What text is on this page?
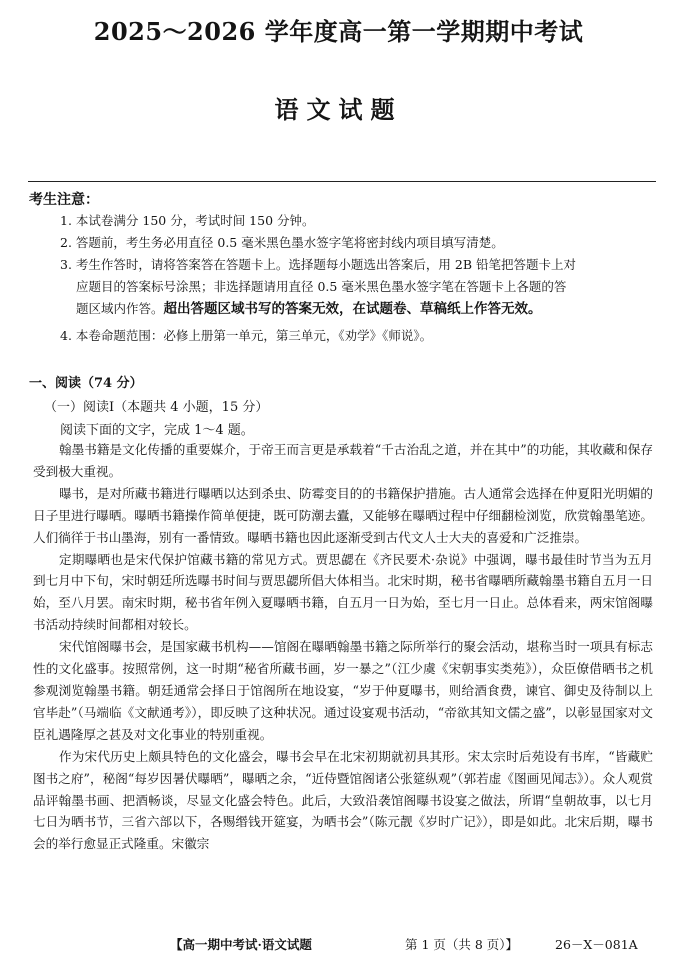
2025～2026 学年度高一第一学期期中考试
语文试题
考生注意：
1. 本试卷满分 150 分，考试时间 150 分钟。
2. 答题前，考生务必用直径 0.5 毫米黑色墨水签字笔将密封线内项目填写清楚。
3. 考生作答时，请将答案答在答题卡上。选择题每小题选出答案后，用 2B 铅笔把答题卡上对
应题目的答案标号涂黑；非选择题请用直径 0.5 毫米黑色墨水签字笔在答题卡上各题的答
题区域内作答。超出答题区域书写的答案无效，在试题卷、草稿纸上作答无效。
4. 本卷命题范围：必修上册第一单元，第三单元，《劝学》《师说》。
一、阅读（74 分）
（一）阅读Ⅰ（本题共 4 小题，15 分）
阅读下面的文字，完成 1～4 题。

翰墨书籍是文化传播的重要媒介，于帝王而言更是承载着“千古治乱之道，并在其中”的功能，其收藏和保存受到极大重视。

曝书，是对所藏书籍进行曝晒以达到杀虫、防霉变目的的书籍保护措施。古人通常会选择在仲夏阳光明媚的日子里进行曝晒。曝晒书籍操作简单便捷，既可防潮去蠹，又能够在曝晒过程中仔细翻检浏览，欣赏翰墨笔迹。人们徜徉于书山墨海，别有一番情致。曝晒书籍也因此逐渐受到古代文人士大夫的喜爱和广泛推崇。

定期曝晒也是宋代保护馆藏书籍的常见方式。贾思勰在《齐民要术·杂说》中强调，曝书最佳时节当为五月到七月中下旬，宋时朝廷所选曝书时间与贾思勰所倡大体相当。北宋时期，秘书省曝晒所藏翰墨书籍自五月一日始，至八月罢。南宋时期，秘书省年例入夏曝晒书籍，自五月一日为始，至七月一日止。总体看来，两宋馆阁曝书活动持续时间都相对较长。

宋代馆阁曝书会，是国家藏书机构——馆阁在曝晒翰墨书籍之际所举行的聚会活动，堪称当时一项具有标志性的文化盛事。按照常例，这一时期“秘省所藏书画，岁一暴之”（江少虞《宋朝事实类苑》），众臣僚借晒书之机参观浏览翰墨书籍。朝廷通常会择日于馆阁所在地设宴，“岁于仲夏曝书，则给酒食费，谏官、御史及待制以上官毕赴”（马端临《文献通考》），即反映了这种状况。通过设宴观书活动，“帝欲其知文儒之盛”，以彰显国家对文臣礼遇隆厚之甚及对文化事业的特别重视。

作为宋代历史上颇具特色的文化盛会，曝书会早在北宋初期就初具其形。宋太宗时后苑设有书库，“皆藏贮图书之府”，秘阁“每岁因暑伏曝晒”，曝晒之余，“近侍暨馆阁诸公张筵纵观”（郭若虚《图画见闻志》）。众人观赏品评翰墨书画、把酒畅谈，尽显文化盛会特色。此后，大致沿袭馆阁曝书设宴之做法，所谓“皇朝故事，以七月七日为晒书节，三省六部以下，各赐缗钱开筵宴，为晒书会”（陈元靓《岁时广记》），即是如此。北宋后期，曝书会的举行愈显正式隆重。宋徽宗

【高一期中考试·语文试题	第 1 页（共 8 页）】	26－X－081A
